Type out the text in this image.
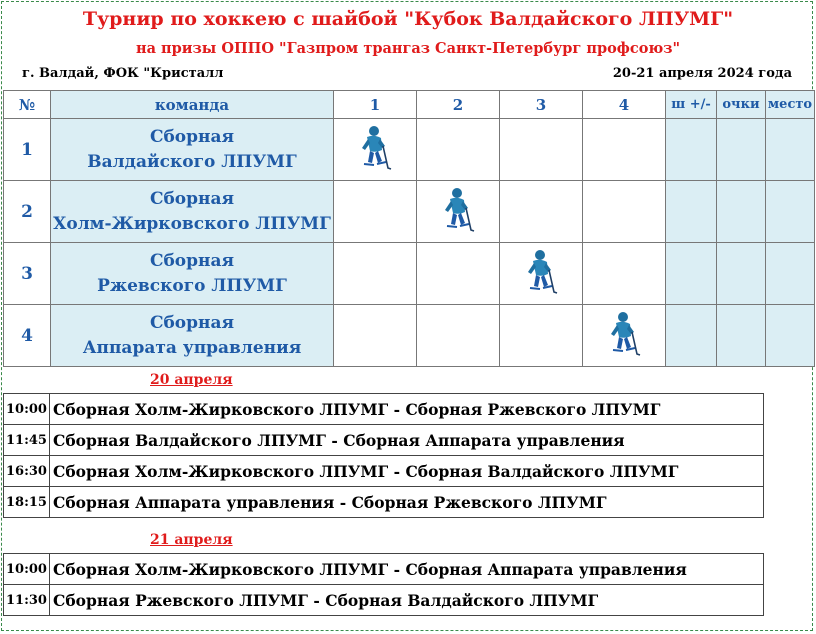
Турнир по хоккею с шайбой "Кубок Валдайского ЛПУМГ"
на призы ОППО "Газпром трангаз Санкт-Петербург профсоюз"
г. Валдай, ФОК "Кристалл	20-21 апреля 2024 года
№	команда	1	2	3	4	ш +/-	очки	место
1	Сборная
Валдайского ЛПУМГ

2	Сборная
Холм-Жирковского ЛПУМГ

3	Сборная
Ржевского ЛПУМГ

4	Сборная
Аппарата управления

20 апреля
10:00	Сборная Холм-Жирковского ЛПУМГ - Сборная Ржевского ЛПУМГ
11:45	Сборная Валдайского ЛПУМГ - Сборная Аппарата управления
16:30	Сборная Холм-Жирковского ЛПУМГ - Сборная Валдайского ЛПУМГ
18:15	Сборная Аппарата управления - Сборная Ржевского ЛПУМГ
21 апреля
10:00	Сборная Холм-Жирковского ЛПУМГ - Сборная Аппарата управления
11:30	Сборная Ржевского ЛПУМГ - Сборная Валдайского ЛПУМГ
